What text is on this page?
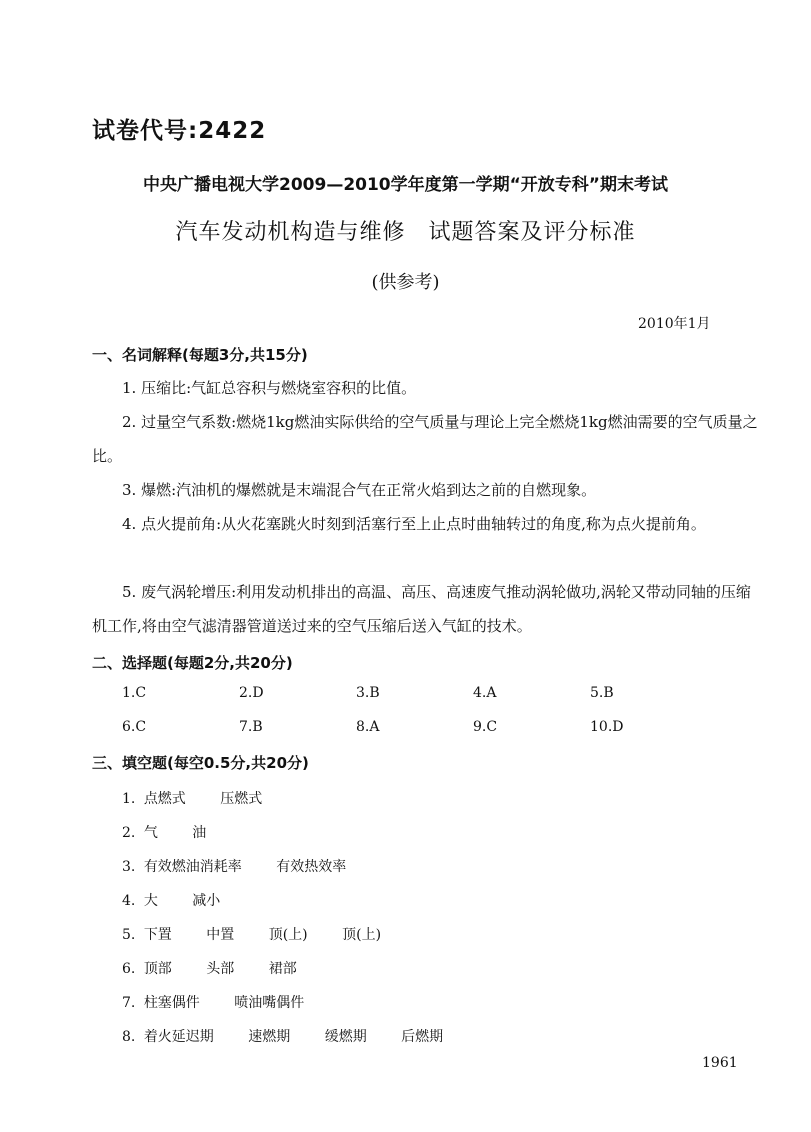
试卷代号:2422
中央广播电视大学2009—2010学年度第一学期“开放专科”期末考试
汽车发动机构造与维修　试题答案及评分标准
(供参考)
2010年1月
一、名词解释(每题3分,共15分)
1. 压缩比:气缸总容积与燃烧室容积的比值。
2. 过量空气系数:燃烧1kg燃油实际供给的空气质量与理论上完全燃烧1kg燃油需要的空气质量之比。
3. 爆燃:汽油机的爆燃就是末端混合气在正常火焰到达之前的自燃现象。
4. 点火提前角:从火花塞跳火时刻到活塞行至上止点时曲轴转过的角度,称为点火提前角。
5. 废气涡轮增压:利用发动机排出的高温、高压、高速废气推动涡轮做功,涡轮又带动同轴的压缩机工作,将由空气滤清器管道送过来的空气压缩后送入气缸的技术。
二、选择题(每题2分,共20分)
1.C	2.D	3.B	4.A	5.B
6.C	7.B	8.A	9.C	10.D
三、填空题(每空0.5分,共20分)
1. 点燃式 压燃式
2. 气 油
3. 有效燃油消耗率 有效热效率
4. 大 减小
5. 下置 中置 顶(上) 顶(上)
6. 顶部 头部 裙部
7. 柱塞偶件 喷油嘴偶件
8. 着火延迟期 速燃期 缓燃期 后燃期
1961
